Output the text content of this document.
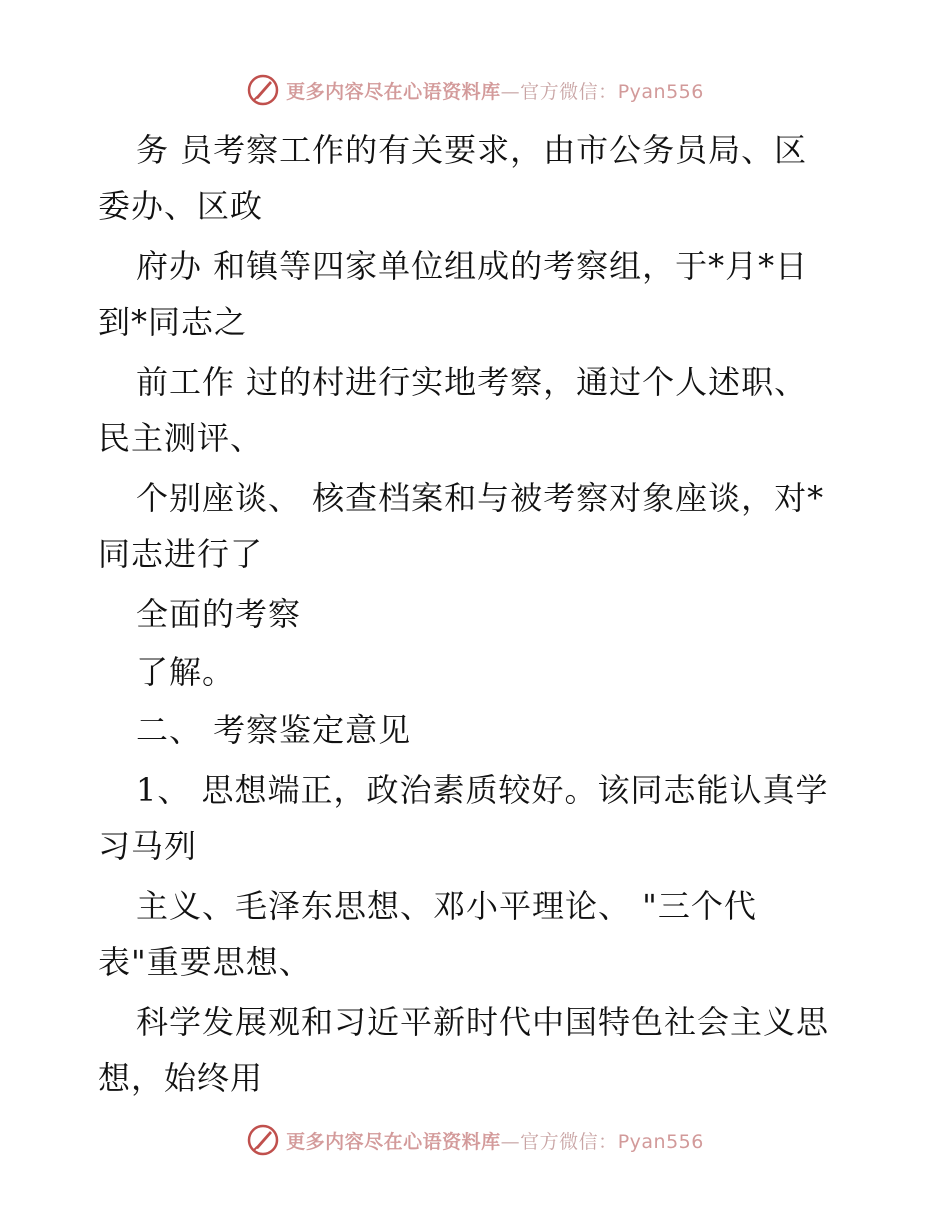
更多内容尽在心语资料库—官方微信：Pyan556
务 员考察工作的有关要求，由市公务员局、区
委办、区政
府办 和镇等四家单位组成的考察组，于*月*日
到*同志之
前工作 过的村进行实地考察，通过个人述职、
民主测评、
个别座谈、 核查档案和与被考察对象座谈，对*
同志进行了
全面的考察
了解。
二、 考察鉴定意见
1、 思想端正，政治素质较好。该同志能认真学
习马列
主义、毛泽东思想、邓小平理论、 "三个代
表"重要思想、
科学发展观和习近平新时代中国特色社会主义思
想，始终用
更多内容尽在心语资料库—官方微信：Pyan556
